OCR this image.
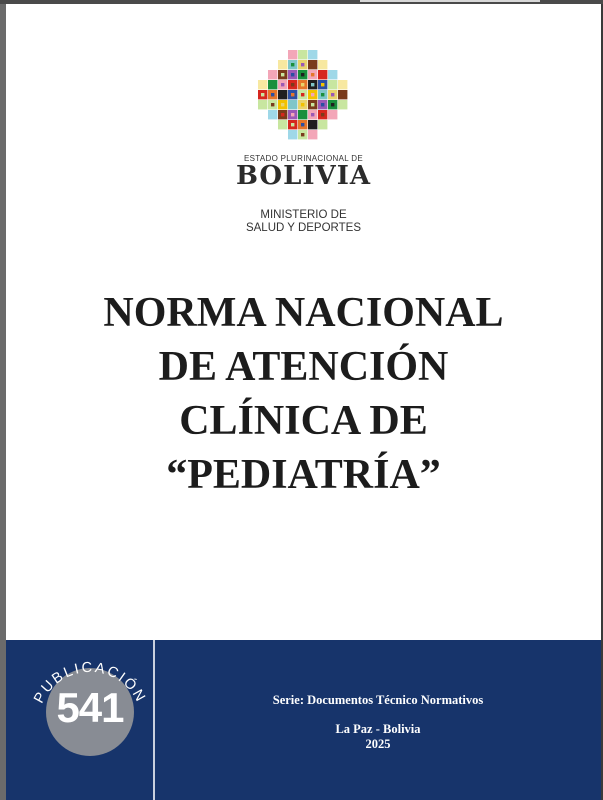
ESTADO PLURINACIONAL DE
BOLIVIA
MINISTERIO DE
SALUD Y DEPORTES
NORMA NACIONAL
DE ATENCIÓN
CLÍNICA DE
“PEDIATRÍA”
PUBLICACIÓN
541	Serie: Documentos Técnico Normativos
La Paz - Bolivia
2025
